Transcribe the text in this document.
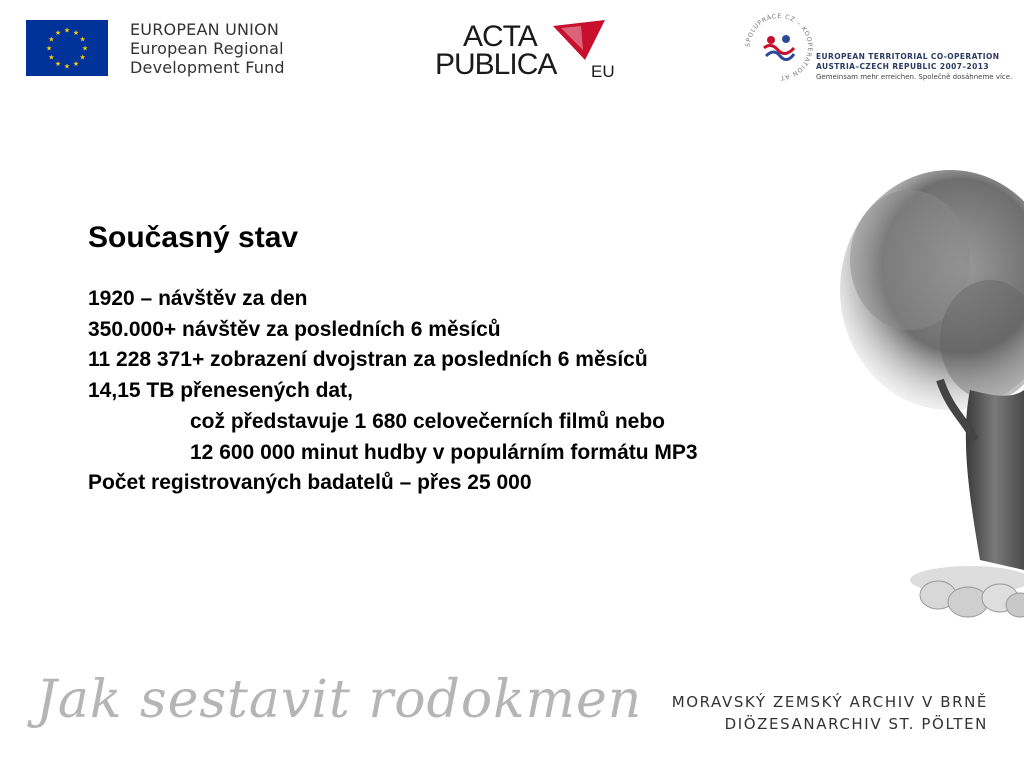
★ ★
★
★
★
★
★
★
★
★
★
★	EUROPEAN UNION
European Regional
Development Fund
ACTA
PUBLICA EU
SPOLUPRÁCE CZ – KOOPERATION AT
EUROPEAN TERRITORIAL CO-OPERATION
AUSTRIA–CZECH REPUBLIC 2007–2013
Gemeinsam mehr erreichen. Společně dosáhneme více.
Současný stav
1920 – návštěv za den
350.000+ návštěv za posledních 6 měsíců
11 228 371+ zobrazení dvojstran za posledních 6 měsíců
14,15 TB přenesených dat,
což představuje 1 680 celovečerních filmů nebo
12 600 000 minut hudby v populárním formátu MP3
Počet registrovaných badatelů – přes 25 000
Jak sestavit rodokmen MORAVSKÝ ZEMSKÝ ARCHIV V BRNĚ
DIÖZESANARCHIV ST. PÖLTEN
